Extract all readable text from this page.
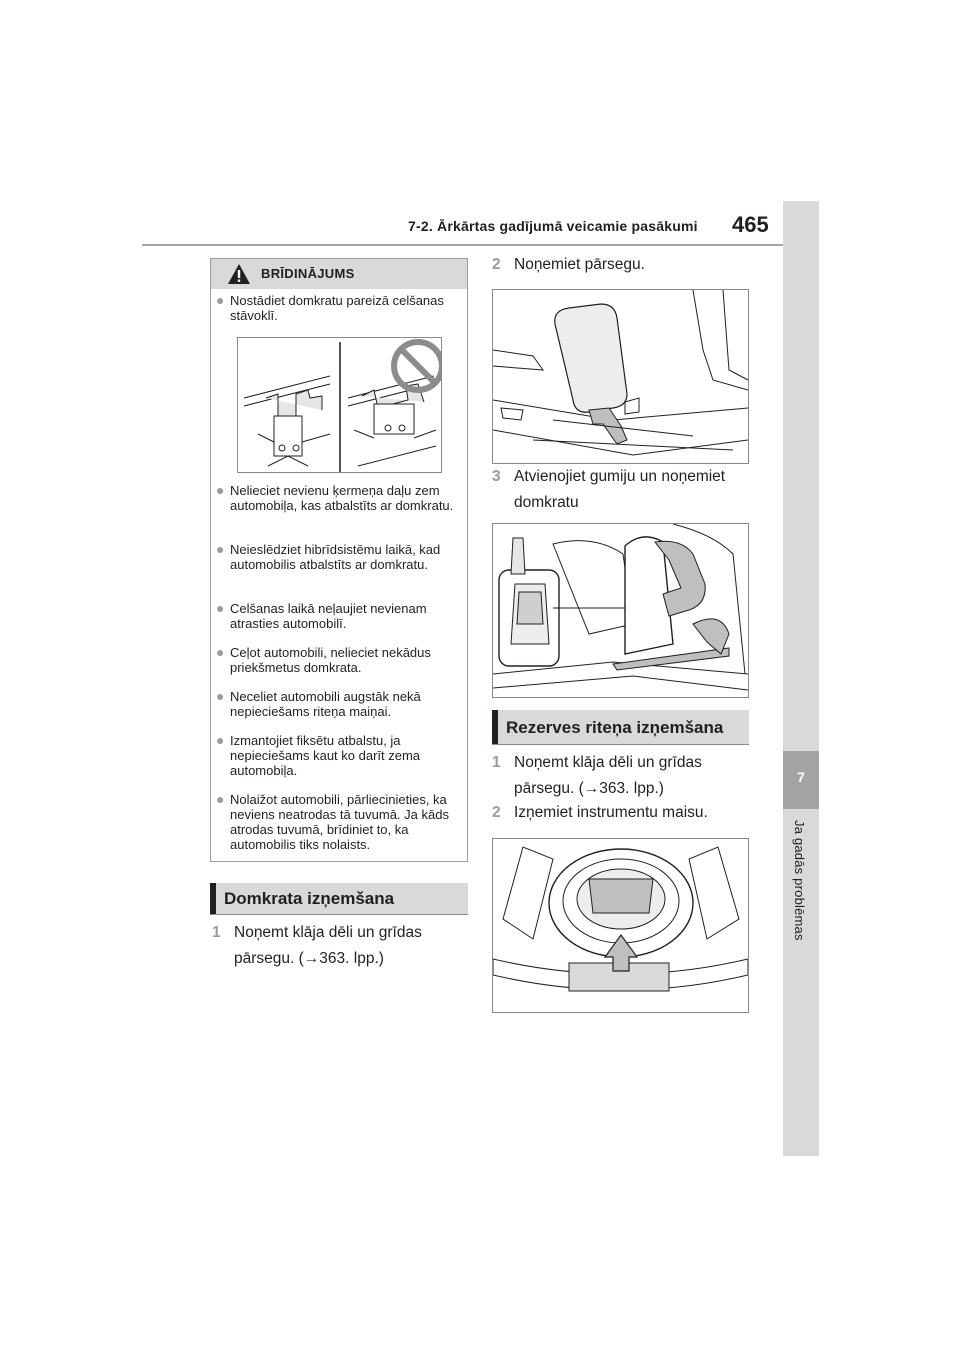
7-2. Ārkārtas gadījumā veicamie pasākumi 465
7
Ja gadās problēmas
BRĪDINĀJUMS
● Nostādiet domkratu pareizā celšanas stāvoklī.
● Nelieciet nevienu ķermeņa daļu zem automobiļa, kas atbalstīts ar domkratu.
● Neieslēdziet hibrīdsistēmu laikā, kad automobilis atbalstīts ar domkratu.
● Celšanas laikā neļaujiet nevienam atrasties automobilī.
● Ceļot automobili, nelieciet nekādus priekšmetus domkrata.
● Neceliet automobili augstāk nekā nepieciešams riteņa maiņai.
● Izmantojiet fiksētu atbalstu, ja nepieciešams kaut ko darīt zema automobiļa.
● Nolaižot automobili, pārliecinieties, ka neviens neatrodas tā tuvumā. Ja kāds atrodas tuvumā, brīdiniet to, ka automobilis tiks nolaists.
Domkrata izņemšana
1 Noņemt klāja dēli un grīdas pārsegu. (→363. lpp.)
2 Noņemiet pārsegu.
3 Atvienojiet gumiju un noņemiet domkratu
Rezerves riteņa izņemšana
1 Noņemt klāja dēli un grīdas pārsegu. (→363. lpp.)
2 Izņemiet instrumentu maisu.
